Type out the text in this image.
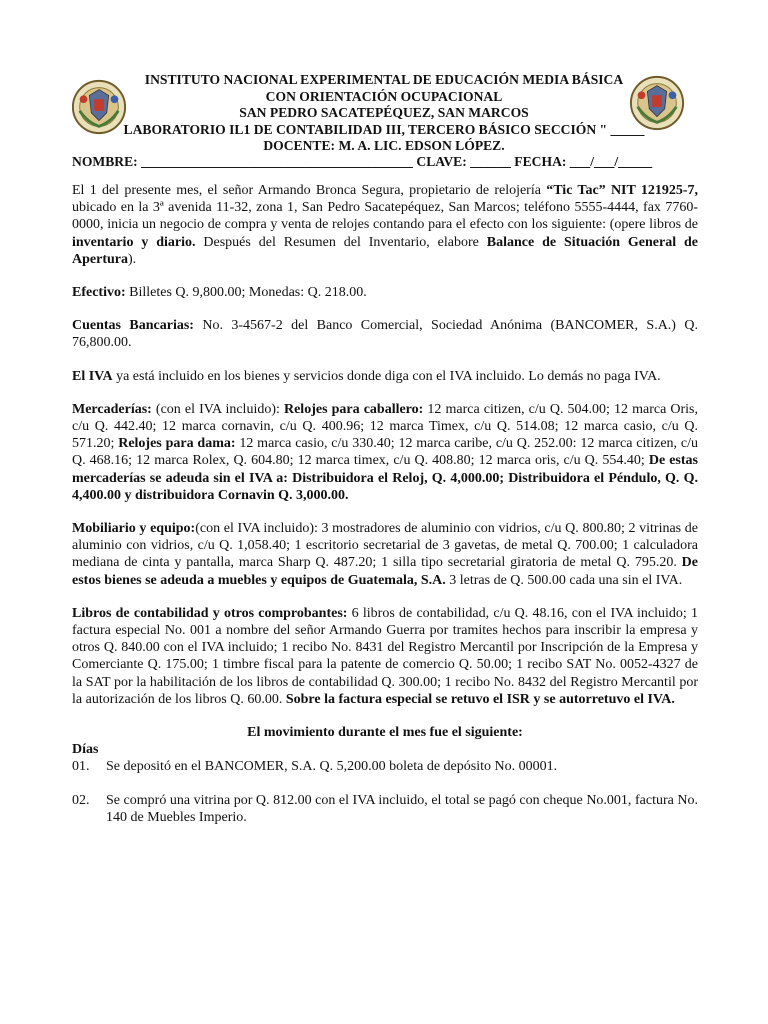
INSTITUTO NACIONAL EXPERIMENTAL DE EDUCACIÓN MEDIA BÁSICA
CON ORIENTACIÓN OCUPACIONAL
SAN PEDRO SACATEPÉQUEZ, SAN MARCOS
LABORATORIO IL1 DE CONTABILIDAD III, TERCERO BÁSICO SECCIÓN " _____
DOCENTE: M. A. LIC. EDSON LÓPEZ.
NOMBRE: ________________________________________ CLAVE: ______ FECHA: ___/___/_____

El 1 del presente mes, el señor Armando Bronca Segura, propietario de relojería “Tic Tac” NIT 121925-7, ubicado en la 3ª avenida 11-32, zona 1, San Pedro Sacatepéquez, San Marcos; teléfono 5555-4444, fax 7760-0000, inicia un negocio de compra y venta de relojes contando para el efecto con los siguiente: (opere libros de inventario y diario. Después del Resumen del Inventario, elabore Balance de Situación General de Apertura).

Efectivo: Billetes Q. 9,800.00; Monedas: Q. 218.00.

Cuentas Bancarias: No. 3-4567-2 del Banco Comercial, Sociedad Anónima (BANCOMER, S.A.) Q. 76,800.00.

El IVA ya está incluido en los bienes y servicios donde diga con el IVA incluido. Lo demás no paga IVA.

Mercaderías: (con el IVA incluido): Relojes para caballero: 12 marca citizen, c/u Q. 504.00; 12 marca Oris, c/u Q. 442.40; 12 marca cornavin, c/u Q. 400.96; 12 marca Timex, c/u Q. 514.08; 12 marca casio, c/u Q. 571.20; Relojes para dama: 12 marca casio, c/u 330.40; 12 marca caribe, c/u Q. 252.00: 12 marca citizen, c/u Q. 468.16; 12 marca Rolex, Q. 604.80; 12 marca timex, c/u Q. 408.80; 12 marca oris, c/u Q. 554.40; De estas mercaderías se adeuda sin el IVA a: Distribuidora el Reloj, Q. 4,000.00; Distribuidora el Péndulo, Q. Q. 4,400.00 y distribuidora Cornavin Q. 3,000.00.

Mobiliario y equipo:(con el IVA incluido): 3 mostradores de aluminio con vidrios, c/u Q. 800.80; 2 vitrinas de aluminio con vidrios, c/u Q. 1,058.40; 1 escritorio secretarial de 3 gavetas, de metal Q. 700.00; 1 calculadora mediana de cinta y pantalla, marca Sharp Q. 487.20; 1 silla tipo secretarial giratoria de metal Q. 795.20. De estos bienes se adeuda a muebles y equipos de Guatemala, S.A. 3 letras de Q. 500.00 cada una sin el IVA.

Libros de contabilidad y otros comprobantes: 6 libros de contabilidad, c/u Q. 48.16, con el IVA incluido; 1 factura especial No. 001 a nombre del señor Armando Guerra por tramites hechos para inscribir la empresa y otros Q. 840.00 con el IVA incluido; 1 recibo No. 8431 del Registro Mercantil por Inscripción de la Empresa y Comerciante Q. 175.00; 1 timbre fiscal para la patente de comercio Q. 50.00; 1 recibo SAT No. 0052-4327 de la SAT por la habilitación de los libros de contabilidad Q. 300.00; 1 recibo No. 8432 del Registro Mercantil por la autorización de los libros Q. 60.00. Sobre la factura especial se retuvo el ISR y se autorretuvo el IVA.

El movimiento durante el mes fue el siguiente:
Días
01.	Se depositó en el BANCOMER, S.A. Q. 5,200.00 boleta de depósito No. 00001.
02.	Se compró una vitrina por Q. 812.00 con el IVA incluido, el total se pagó con cheque No.001, factura No. 140 de Muebles Imperio.
